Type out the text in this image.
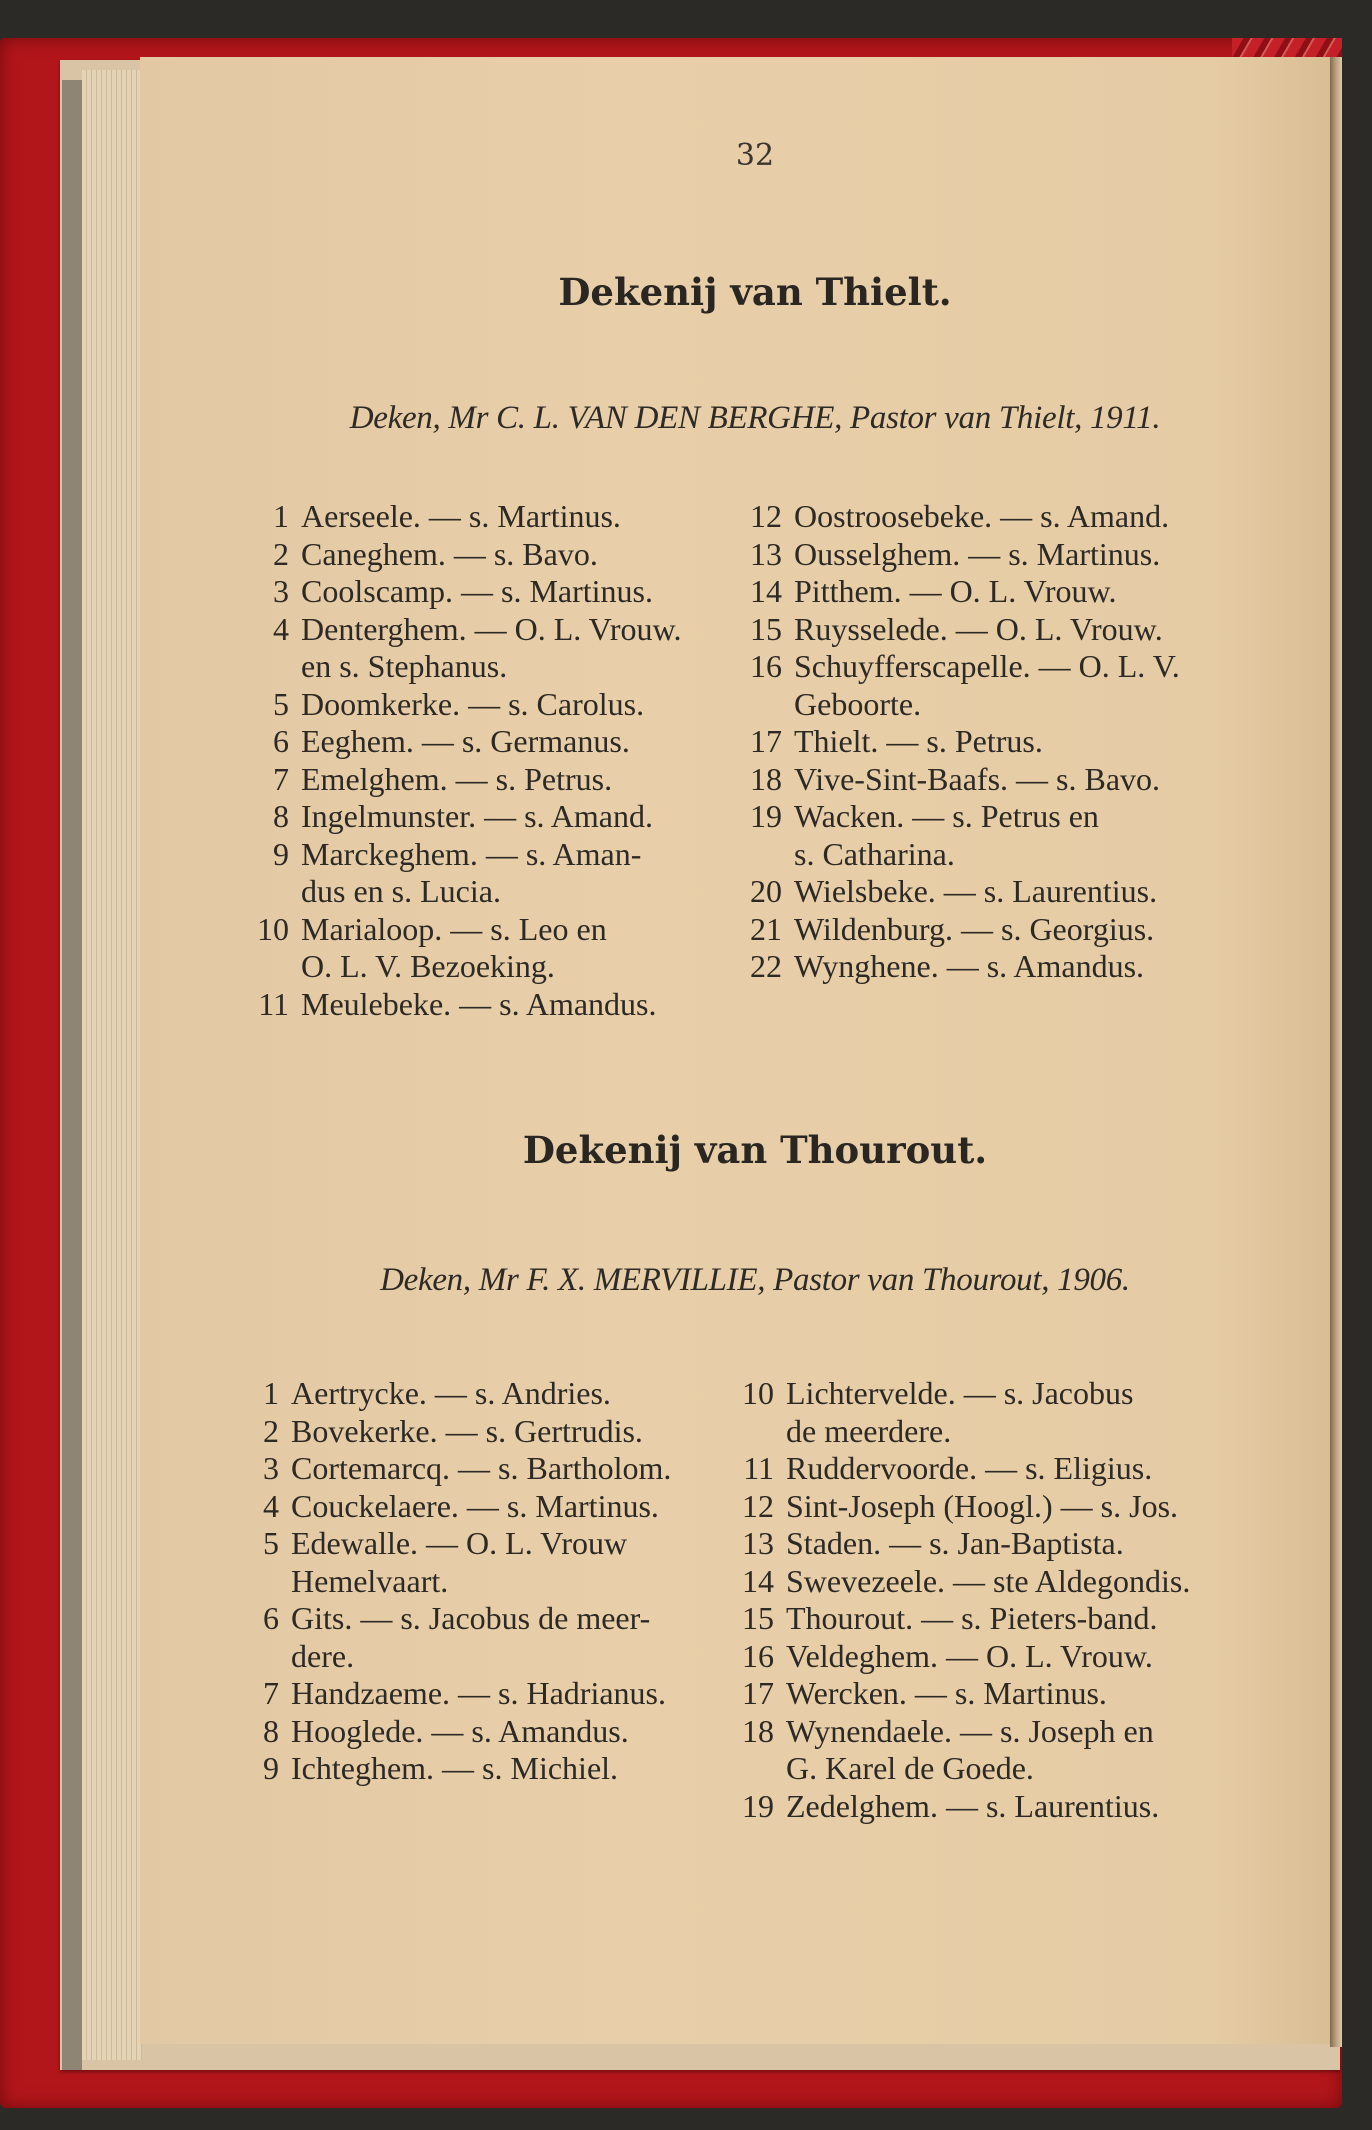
32
Dekenij van Thielt.
Deken, Mr C. L. VAN DEN BERGHE, Pastor van Thielt, 1911.
1 Aerseele. — s. Martinus.
2 Caneghem. — s. Bavo.
3 Coolscamp. — s. Martinus.
4 Denterghem. — O. L. Vrouw.
en s. Stephanus.
5 Doomkerke. — s. Carolus.
6 Eeghem. — s. Germanus.
7 Emelghem. — s. Petrus.
8 Ingelmunster. — s. Amand.
9 Marckeghem. — s. Aman-
dus en s. Lucia.
10 Marialoop. — s. Leo en
O. L. V. Bezoeking.
11 Meulebeke. — s. Amandus.
12 Oostroosebeke. — s. Amand.
13 Ousselghem. — s. Martinus.
14 Pitthem. — O. L. Vrouw.
15 Ruysselede. — O. L. Vrouw.
16 Schuyfferscapelle. — O. L. V.
Geboorte.
17 Thielt. — s. Petrus.
18 Vive-Sint-Baafs. — s. Bavo.
19 Wacken. — s. Petrus en
s. Catharina.
20 Wielsbeke. — s. Laurentius.
21 Wildenburg. — s. Georgius.
22 Wynghene. — s. Amandus.
Dekenij van Thourout.
Deken, Mr F. X. MERVILLIE, Pastor van Thourout, 1906.
1 Aertrycke. — s. Andries.
2 Bovekerke. — s. Gertrudis.
3 Cortemarcq. — s. Bartholom.
4 Couckelaere. — s. Martinus.
5 Edewalle. — O. L. Vrouw
Hemelvaart.
6 Gits. — s. Jacobus de meer-
dere.
7 Handzaeme. — s. Hadrianus.
8 Hooglede. — s. Amandus.
9 Ichteghem. — s. Michiel.
10 Lichtervelde. — s. Jacobus
de meerdere.
11 Ruddervoorde. — s. Eligius.
12 Sint-Joseph (Hoogl.) — s. Jos.
13 Staden. — s. Jan-Baptista.
14 Swevezeele. — ste Aldegondis.
15 Thourout. — s. Pieters-band.
16 Veldeghem. — O. L. Vrouw.
17 Wercken. — s. Martinus.
18 Wynendaele. — s. Joseph en
G. Karel de Goede.
19 Zedelghem. — s. Laurentius.
